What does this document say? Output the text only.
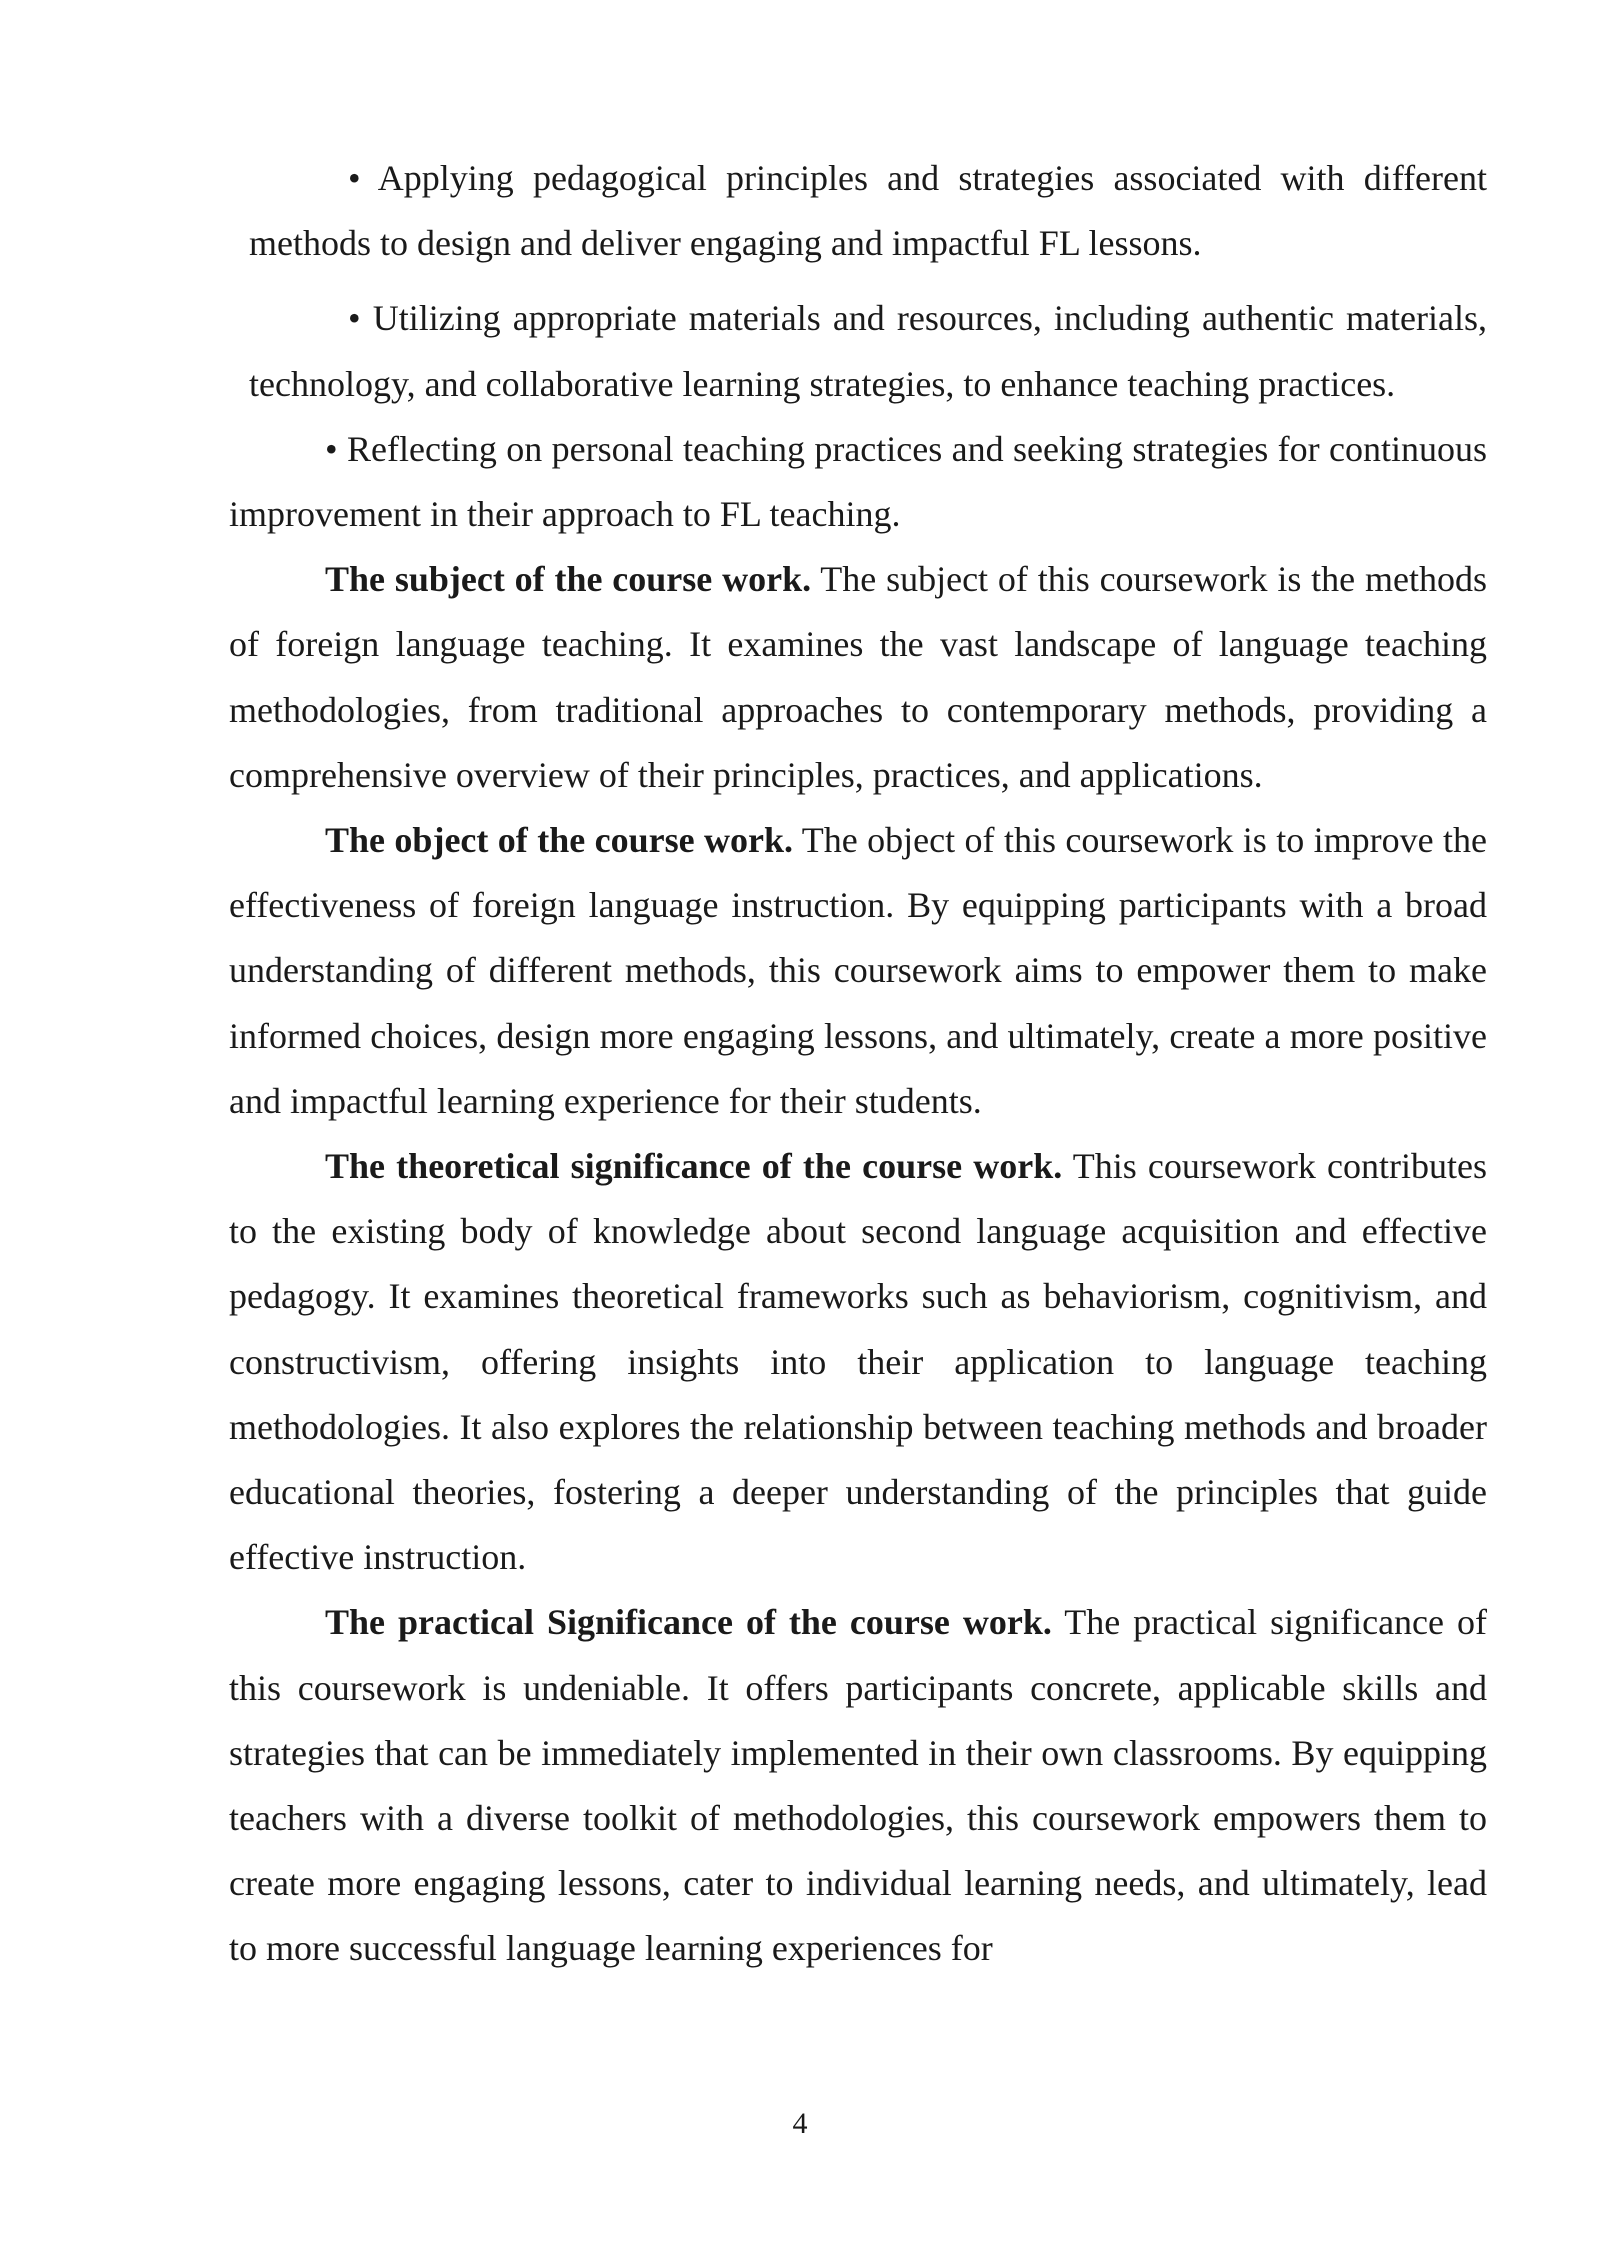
• Applying pedagogical principles and strategies associated with different methods to design and deliver engaging and impactful FL lessons.

• Utilizing appropriate materials and resources, including authentic materials, technology, and collaborative learning strategies, to enhance teaching practices.

• Reflecting on personal teaching practices and seeking strategies for continuous improvement in their approach to FL teaching.

The subject of the course work. The subject of this coursework is the methods of foreign language teaching. It examines the vast landscape of language teaching methodologies, from traditional approaches to contemporary methods, providing a comprehensive overview of their principles, practices, and applications.

The object of the course work. The object of this coursework is to improve the effectiveness of foreign language instruction. By equipping participants with a broad understanding of different methods, this coursework aims to empower them to make informed choices, design more engaging lessons, and ultimately, create a more positive and impactful learning experience for their students.

The theoretical significance of the course work. This coursework contributes to the existing body of knowledge about second language acquisition and effective pedagogy. It examines theoretical frameworks such as behaviorism, cognitivism, and constructivism, offering insights into their application to language teaching methodologies. It also explores the relationship between teaching methods and broader educational theories, fostering a deeper understanding of the principles that guide effective instruction.

The practical Significance of the course work. The practical significance of this coursework is undeniable. It offers participants concrete, applicable skills and strategies that can be immediately implemented in their own classrooms. By equipping teachers with a diverse toolkit of methodologies, this coursework empowers them to create more engaging lessons, cater to individual learning needs, and ultimately, lead to more successful language learning experiences for

4
